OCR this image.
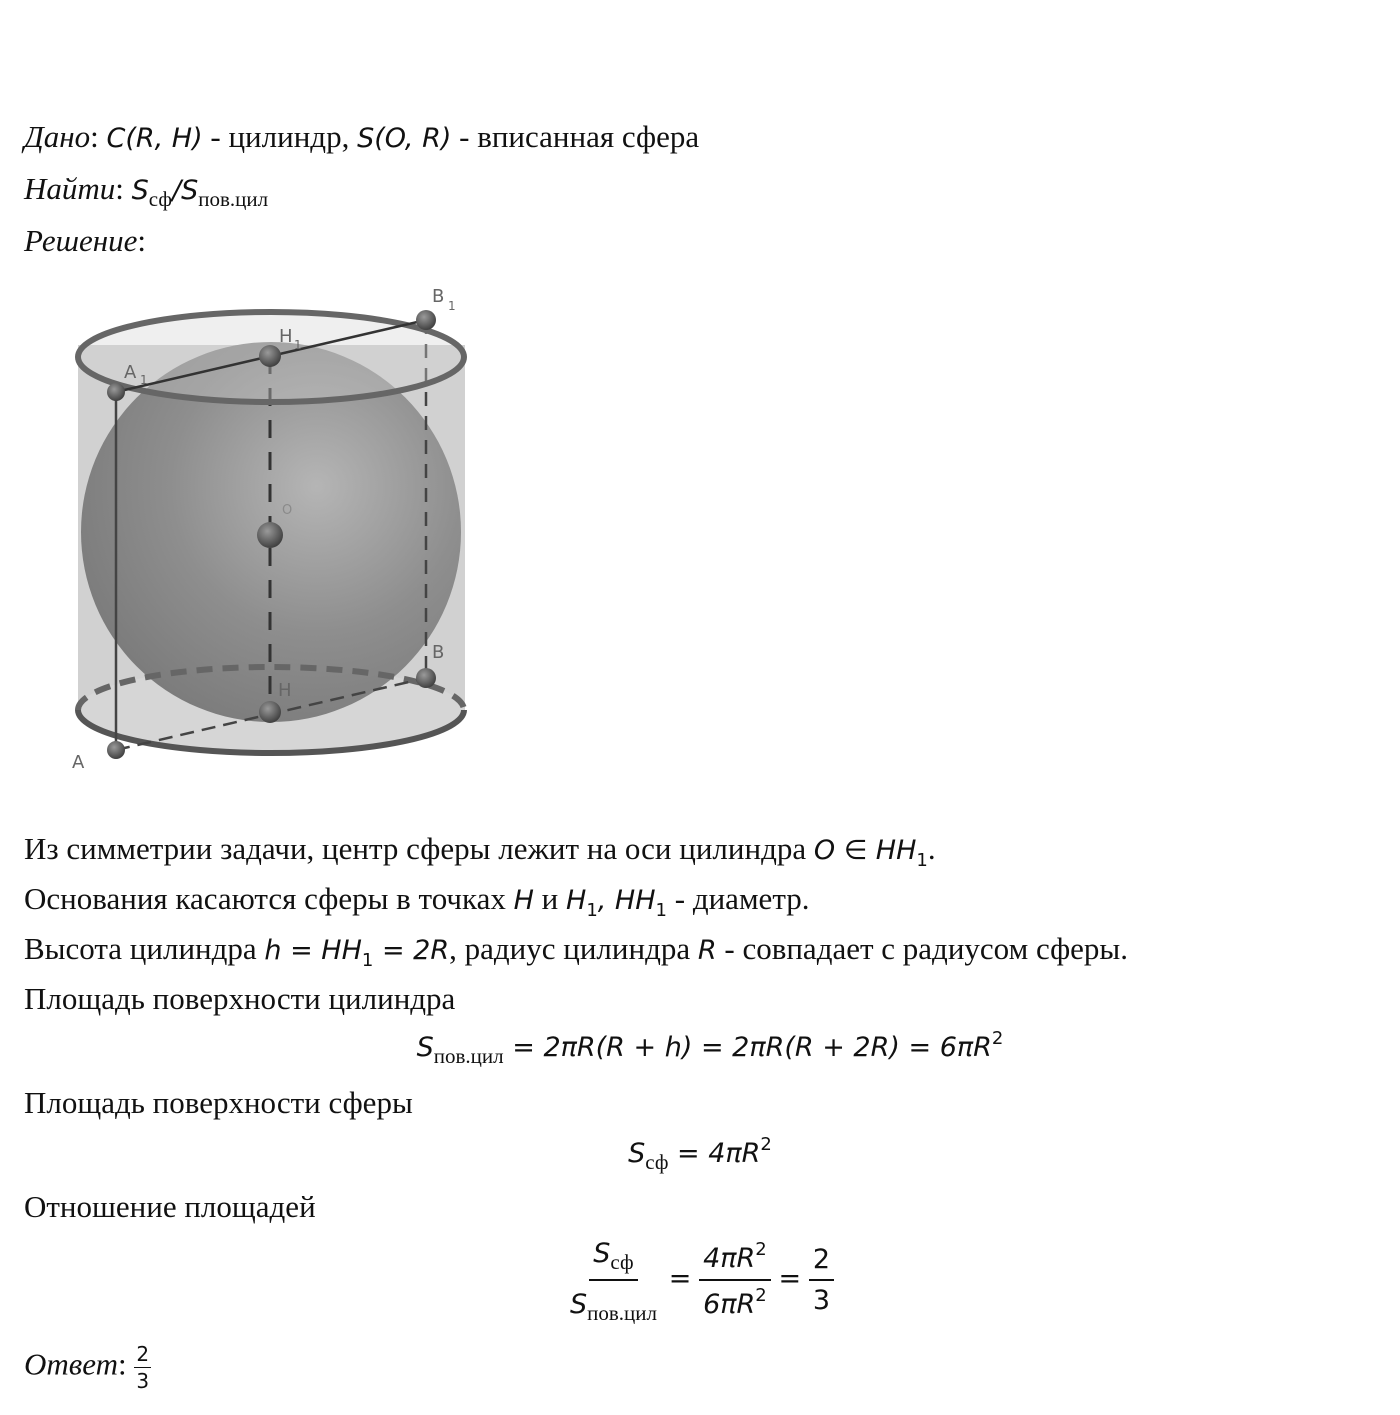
Дано: C(R, H) - цилиндр, S(O, R) - вписанная сфера
Найти: $S_{сф}/S_{пов.цил}$
Решение:
A
A 1
B 1
B
H 1
H
O
Из симметрии задачи, центр сферы лежит на оси цилиндра O ∈ $HH_1$.
Основания касаются сферы в точках H и $H_1$, $HH_1$ - диаметр.
Высота цилиндра $h = HH_1 = 2R$, радиус цилиндра R - совпадает с радиусом сферы.
Площадь поверхности цилиндра
$S_{пов.цил} = 2\pi R(R + h) = 2\pi R(R + 2R) = 6\pi R^2$
Площадь поверхности сферы
$S_{сф} = 4\pi R^2$
Отношение площадей
$\frac{S_{сф}}{S_{пов.цил}} = \frac{4\pi R^2}{6\pi R^2} = \frac{2}{3}$
Ответ: $\frac{2}{3}$
